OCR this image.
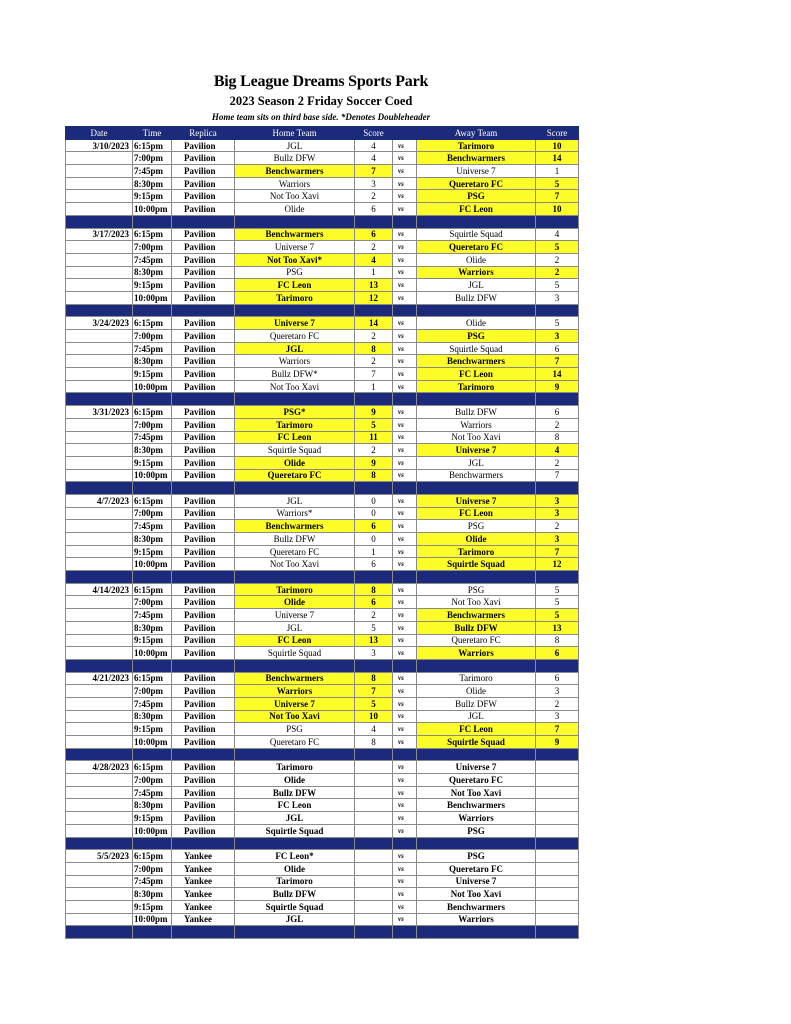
Big League Dreams Sports Park
2023 Season 2 Friday Soccer Coed
Home team sits on third base side. *Denotes Doubleheader
Date	Time	Replica	Home Team	Score		Away Team	Score
3/10/2023	6:15pm	Pavilion	JGL	4	vs	Tarimoro	10
	7:00pm	Pavilion	Bullz DFW	4	vs	Benchwarmers	14
	7:45pm	Pavilion	Benchwarmers	7	vs	Universe 7	1
	8:30pm	Pavilion	Warriors	3	vs	Queretaro FC	5
	9:15pm	Pavilion	Not Too Xavi	2	vs	PSG	7
	10:00pm	Pavilion	Olide	6	vs	FC Leon	10

3/17/2023	6:15pm	Pavilion	Benchwarmers	6	vs	Squirtle Squad	4
	7:00pm	Pavilion	Universe 7	2	vs	Queretaro FC	5
	7:45pm	Pavilion	Not Too Xavi*	4	vs	Olide	2
	8:30pm	Pavilion	PSG	1	vs	Warriors	2
	9:15pm	Pavilion	FC Leon	13	vs	JGL	5
	10:00pm	Pavilion	Tarimoro	12	vs	Bullz DFW	3

3/24/2023	6:15pm	Pavilion	Universe 7	14	vs	Olide	5
	7:00pm	Pavilion	Queretaro FC	2	vs	PSG	3
	7:45pm	Pavilion	JGL	8	vs	Squirtle Squad	6
	8:30pm	Pavilion	Warriors	2	vs	Benchwarmers	7
	9:15pm	Pavilion	Bullz DFW*	7	vs	FC Leon	14
	10:00pm	Pavilion	Not Too Xavi	1	vs	Tarimoro	9

3/31/2023	6:15pm	Pavilion	PSG*	9	vs	Bullz DFW	6
	7:00pm	Pavilion	Tarimoro	5	vs	Warriors	2
	7:45pm	Pavilion	FC Leon	11	vs	Not Too Xavi	8
	8:30pm	Pavilion	Squirtle Squad	2	vs	Universe 7	4
	9:15pm	Pavilion	Olide	9	vs	JGL	2
	10:00pm	Pavilion	Queretaro FC	8	vs	Benchwarmers	7

4/7/2023	6:15pm	Pavilion	JGL	0	vs	Universe 7	3
	7:00pm	Pavilion	Warriors*	0	vs	FC Leon	3
	7:45pm	Pavilion	Benchwarmers	6	vs	PSG	2
	8:30pm	Pavilion	Bullz DFW	0	vs	Olide	3
	9:15pm	Pavilion	Queretaro FC	1	vs	Tarimoro	7
	10:00pm	Pavilion	Not Too Xavi	6	vs	Squirtle Squad	12

4/14/2023	6:15pm	Pavilion	Tarimoro	8	vs	PSG	5
	7:00pm	Pavilion	Olide	6	vs	Not Too Xavi	5
	7:45pm	Pavilion	Universe 7	2	vs	Benchwarmers	5
	8:30pm	Pavilion	JGL	5	vs	Bullz DFW	13
	9:15pm	Pavilion	FC Leon	13	vs	Queretaro FC	8
	10:00pm	Pavilion	Squirtle Squad	3	vs	Warriors	6

4/21/2023	6:15pm	Pavilion	Benchwarmers	8	vs	Tarimoro	6
	7:00pm	Pavilion	Warriors	7	vs	Olide	3
	7:45pm	Pavilion	Universe 7	5	vs	Bullz DFW	2
	8:30pm	Pavilion	Not Too Xavi	10	vs	JGL	3
	9:15pm	Pavilion	PSG	4	vs	FC Leon	7
	10:00pm	Pavilion	Queretaro FC	8	vs	Squirtle Squad	9

4/28/2023	6:15pm	Pavilion	Tarimoro		vs	Universe 7	
	7:00pm	Pavilion	Olide		vs	Queretaro FC	
	7:45pm	Pavilion	Bullz DFW		vs	Not Too Xavi	
	8:30pm	Pavilion	FC Leon		vs	Benchwarmers	
	9:15pm	Pavilion	JGL		vs	Warriors	
	10:00pm	Pavilion	Squirtle Squad		vs	PSG	

5/5/2023	6:15pm	Yankee	FC Leon*		vs	PSG	
	7:00pm	Yankee	Olide		vs	Queretaro FC	
	7:45pm	Yankee	Tarimoro		vs	Universe 7	
	8:30pm	Yankee	Bullz DFW		vs	Not Too Xavi	
	9:15pm	Yankee	Squirtle Squad		vs	Benchwarmers	
	10:00pm	Yankee	JGL		vs	Warriors	
